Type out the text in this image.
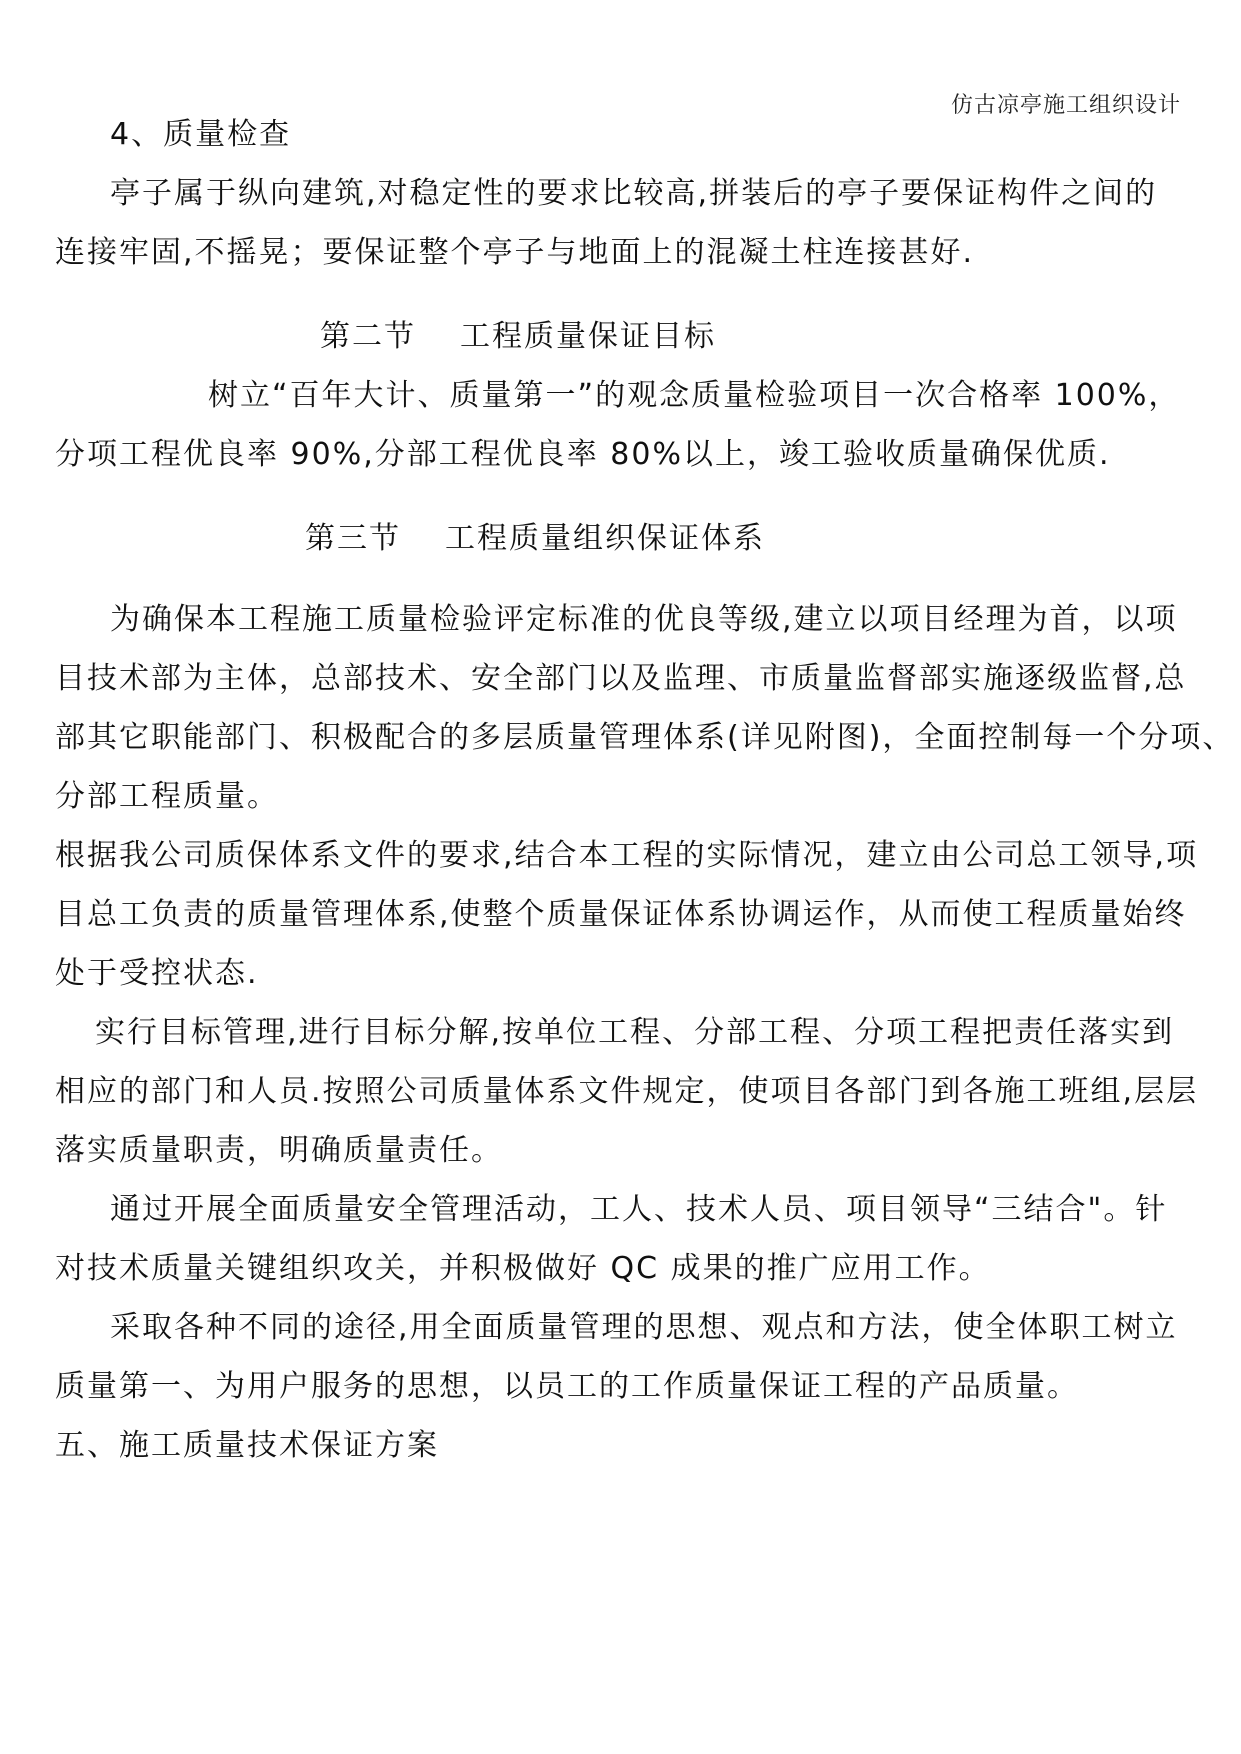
仿古凉亭施工组织设计
4、质量检查
亭子属于纵向建筑,对稳定性的要求比较高,拼装后的亭子要保证构件之间的
连接牢固,不摇晃；要保证整个亭子与地面上的混凝土柱连接甚好.
第二节 工程质量保证目标
树立“百年大计、质量第一”的观念质量检验项目一次合格率 100%，
分项工程优良率 90%,分部工程优良率 80%以上，竣工验收质量确保优质.
第三节 工程质量组织保证体系
为确保本工程施工质量检验评定标准的优良等级,建立以项目经理为首，以项
目技术部为主体，总部技术、安全部门以及监理、市质量监督部实施逐级监督,总
部其它职能部门、积极配合的多层质量管理体系(详见附图)，全面控制每一个分项、
分部工程质量。
根据我公司质保体系文件的要求,结合本工程的实际情况，建立由公司总工领导,项
目总工负责的质量管理体系,使整个质量保证体系协调运作，从而使工程质量始终
处于受控状态.
实行目标管理,进行目标分解,按单位工程、分部工程、分项工程把责任落实到
相应的部门和人员.按照公司质量体系文件规定，使项目各部门到各施工班组,层层
落实质量职责，明确质量责任。
通过开展全面质量安全管理活动，工人、技术人员、项目领导“三结合"。针
对技术质量关键组织攻关，并积极做好 QC 成果的推广应用工作。
采取各种不同的途径,用全面质量管理的思想、观点和方法，使全体职工树立
质量第一、为用户服务的思想，以员工的工作质量保证工程的产品质量。
五、施工质量技术保证方案
